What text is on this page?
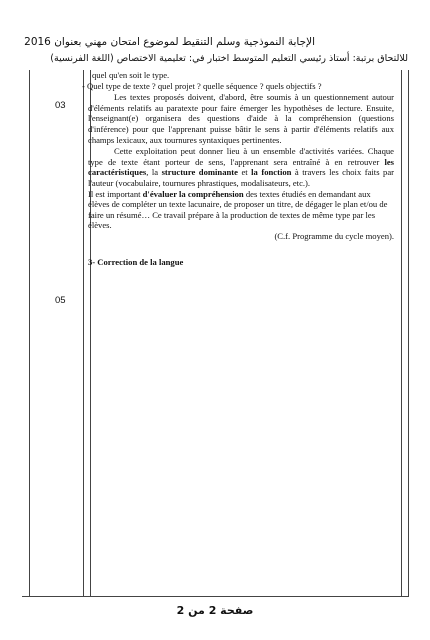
الإجابة النموذجية وسلم التنقيط لموضوع امتحان مهني بعنوان 2016
للالتحاق برتبة: أستاذ رئيسي التعليم المتوسط اختبار في: تعليمية الاختصاص (اللغة الفرنسية)
03
05

quel qu'en soit le type.

- Quel type de texte ? quel projet ? quelle séquence ? quels objectifs ?

Les textes proposés doivent, d'abord, être soumis à un questionnement autour d'éléments relatifs au paratexte pour faire émerger les hypothèses de lecture. Ensuite, l'enseignant(e) organisera des questions d'aide à la compréhension (questions d'inférence) pour que l'apprenant puisse bâtir le sens à partir d'éléments relatifs aux champs lexicaux, aux tournures syntaxiques pertinentes.

Cette exploitation peut donner lieu à un ensemble d'activités variées. Chaque type de texte étant porteur de sens, l'apprenant sera entraîné à en retrouver les caractéristiques, la structure dominante et la fonction à travers les choix faits par l'auteur (vocabulaire, tournures phrastiques, modalisateurs, etc.).

Il est important d'évaluer la compréhension des textes étudiés en demandant aux élèves de compléter un texte lacunaire, de proposer un titre, de dégager le plan et/ou de faire un résumé… Ce travail prépare à la production de textes de même type par les élèves.

(C.f. Programme du cycle moyen).

3- Correction de la langue

صفحة 2 من 2
